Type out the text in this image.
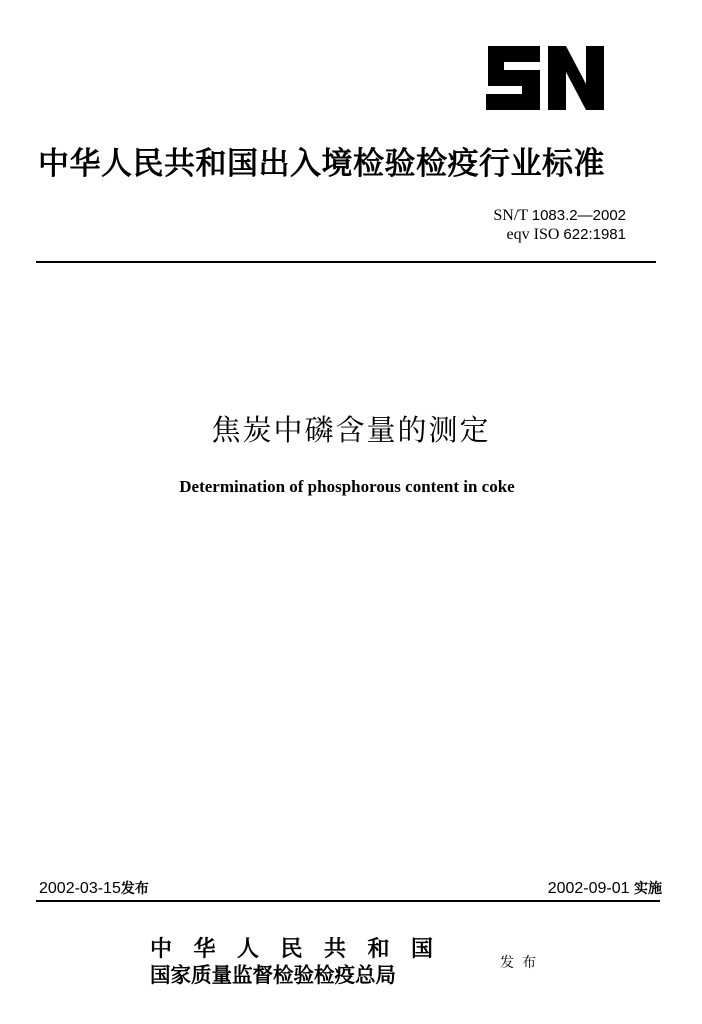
中华人民共和国出入境检验检疫行业标准
SN/T 1083.2—2002
eqv ISO 622:1981
焦炭中磷含量的测定
Determination of phosphorous content in coke
2002-03-15发布	2002-09-01 实施
中华人民共和国
国家质量监督检验检疫总局	发布
